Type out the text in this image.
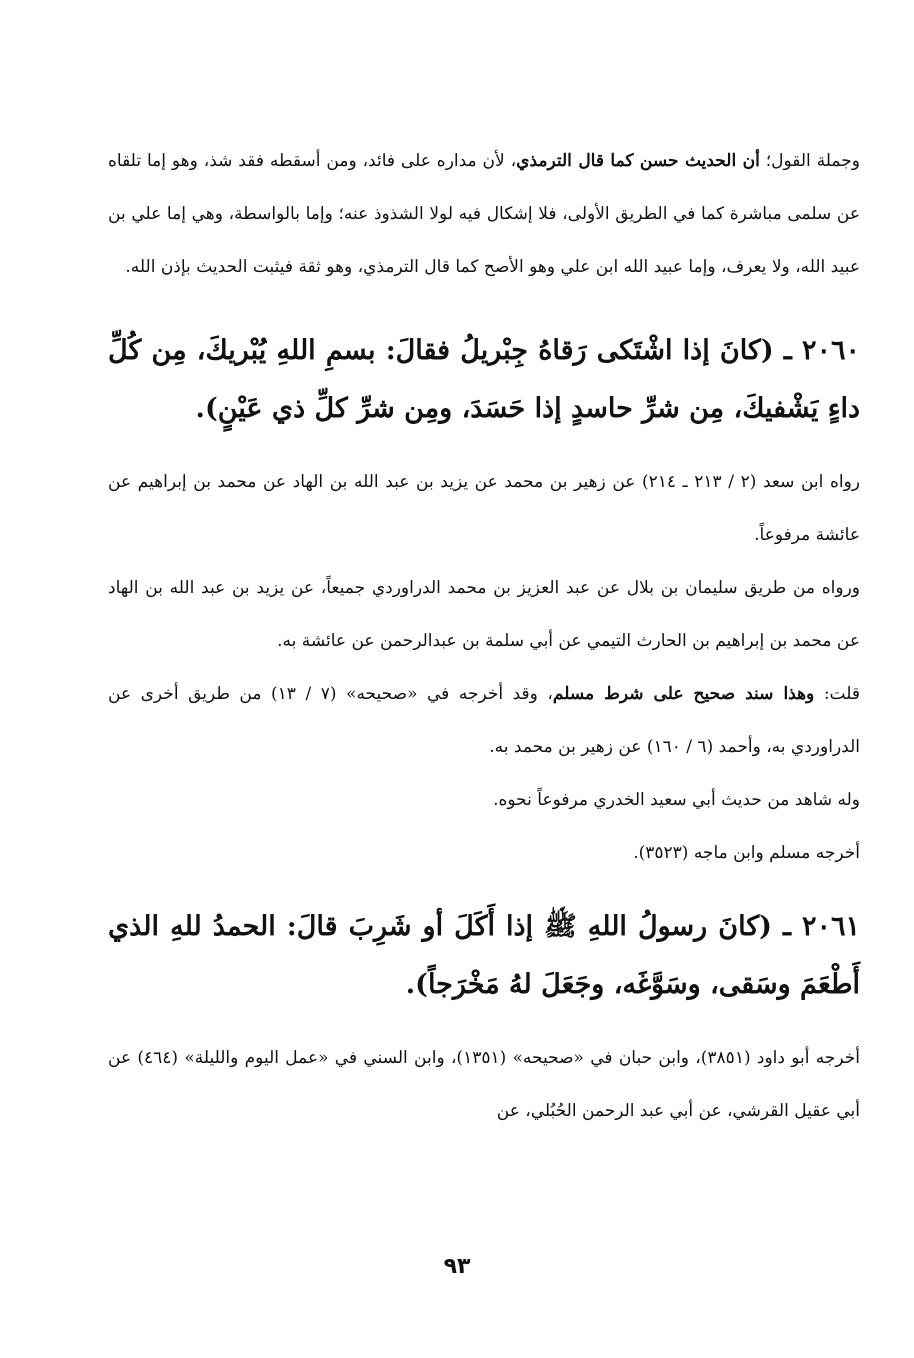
وجملة القول؛ أن الحديث حسن كما قال الترمذي، لأن مداره على فائد، ومن أسقطه فقد شذ، وهو إما تلقاه عن سلمى مباشرة كما في الطريق الأولى، فلا إشكال فيه لولا الشذوذ عنه؛ وإما بالواسطة، وهي إما علي بن عبيد الله، ولا يعرف، وإما عبيد الله ابن علي وهو الأصح كما قال الترمذي، وهو ثقة فيثبت الحديث بإذن الله.

٢٠٦٠ ـ (كانَ إذا اشْتَكى رَقاهُ جِبْريلُ فقالَ: بسمِ اللهِ يُبْريكَ، مِن كُلِّ داءٍ يَشْفيكَ، مِن شرِّ حاسدٍ إذا حَسَدَ، ومِن شرِّ كلِّ ذي عَيْنٍ).

رواه ابن سعد (٢ / ٢١٣ ـ ٢١٤) عن زهير بن محمد عن يزيد بن عبد الله بن الهاد عن محمد بن إبراهيم عن عائشة مرفوعاً.

ورواه من طريق سليمان بن بلال عن عبد العزيز بن محمد الدراوردي جميعاً، عن يزيد بن عبد الله بن الهاد عن محمد بن إبراهيم بن الحارث التيمي عن أبي سلمة بن عبدالرحمن عن عائشة به.

قلت: وهذا سند صحيح على شرط مسلم، وقد أخرجه في «صحيحه» (٧ / ١٣) من طريق أخرى عن الدراوردي به، وأحمد (٦ / ١٦٠) عن زهير بن محمد به.

وله شاهد من حديث أبي سعيد الخدري مرفوعاً نحوه.

أخرجه مسلم وابن ماجه (٣٥٢٣).

٢٠٦١ ـ (كانَ رسولُ اللهِ ﷺ إذا أَكَلَ أو شَرِبَ قالَ: الحمدُ للهِ الذي أَطْعَمَ وسَقى، وسَوَّغَه، وجَعَلَ لهُ مَخْرَجاً).

أخرجه أبو داود (٣٨٥١)، وابن حبان في «صحيحه» (١٣٥١)، وابن السني في «عمل اليوم والليلة» (٤٦٤) عن أبي عقيل القرشي، عن أبي عبد الرحمن الحُبُلي، عن

٩٣
